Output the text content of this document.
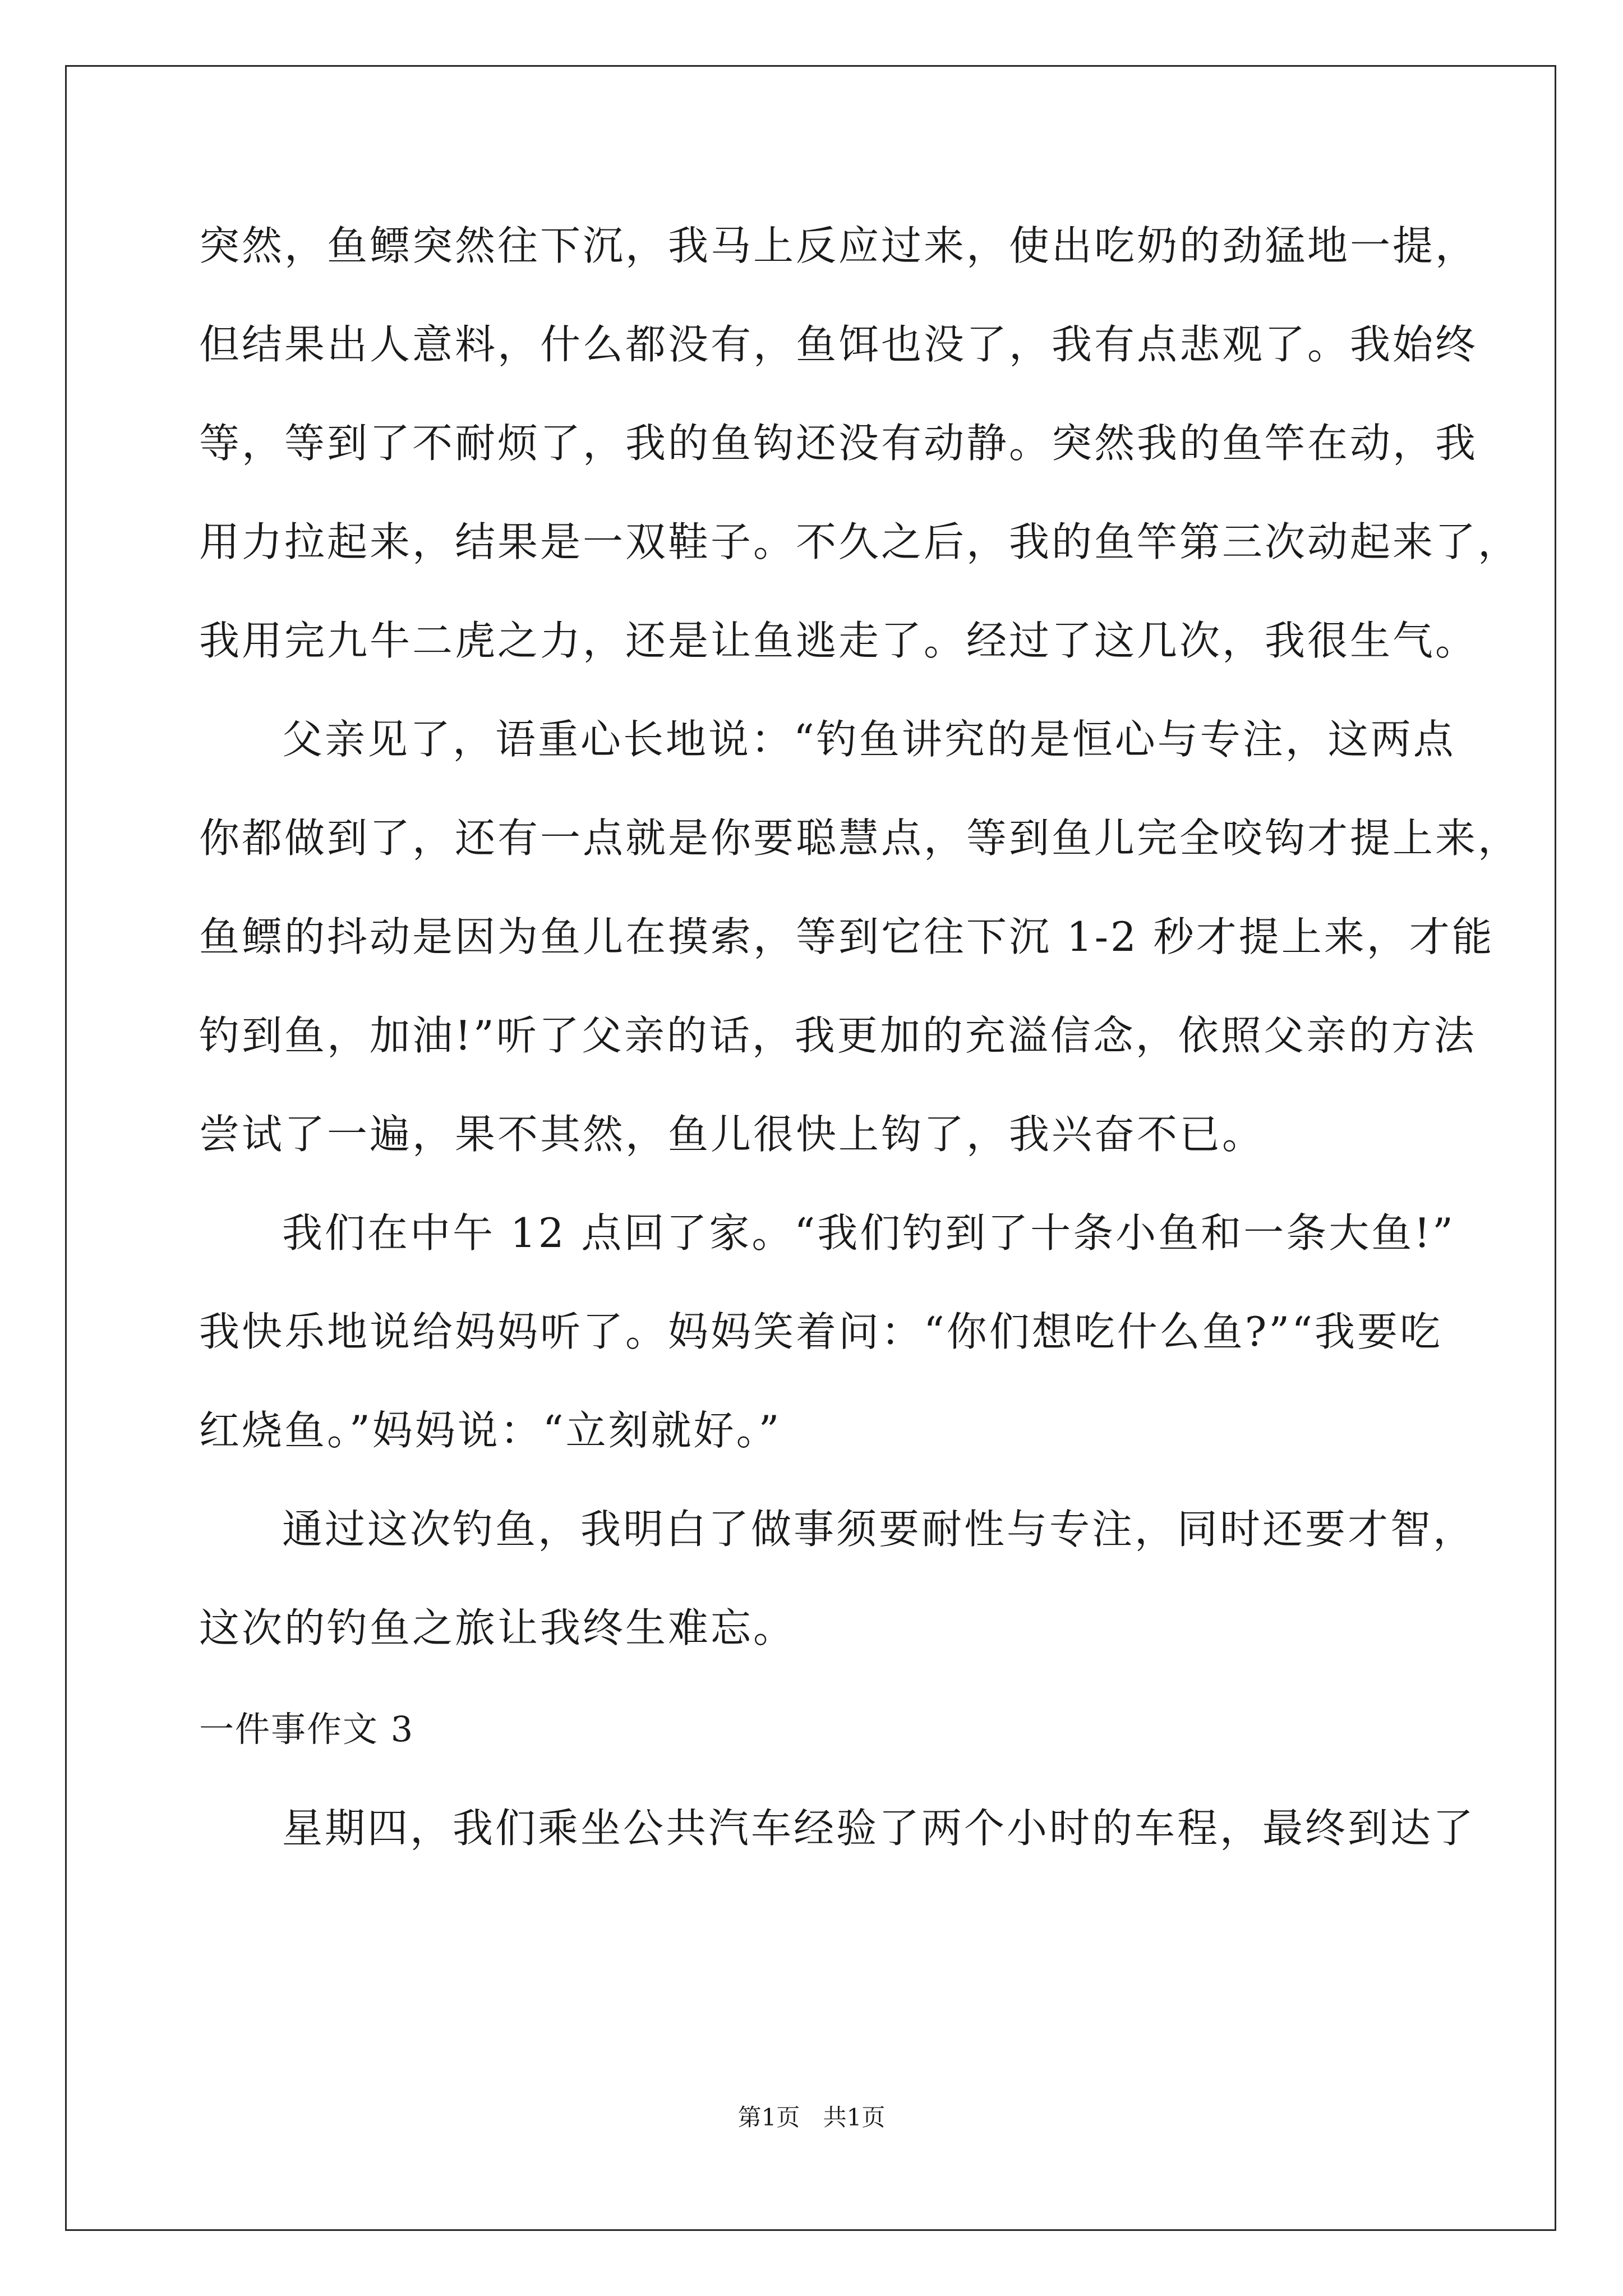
突然，鱼鳔突然往下沉，我马上反应过来，使出吃奶的劲猛地一提，
但结果出人意料，什么都没有，鱼饵也没了，我有点悲观了。我始终
等，等到了不耐烦了，我的鱼钩还没有动静。突然我的鱼竿在动，我
用力拉起来，结果是一双鞋子。不久之后，我的鱼竿第三次动起来了，
我用完九牛二虎之力，还是让鱼逃走了。经过了这几次，我很生气。
父亲见了，语重心长地说：“钓鱼讲究的是恒心与专注，这两点
你都做到了，还有一点就是你要聪慧点，等到鱼儿完全咬钩才提上来，
鱼鳔的抖动是因为鱼儿在摸索，等到它往下沉 1-2 秒才提上来，才能
钓到鱼，加油!”听了父亲的话，我更加的充溢信念，依照父亲的方法
尝试了一遍，果不其然，鱼儿很快上钩了，我兴奋不已。
我们在中午 12 点回了家。“我们钓到了十条小鱼和一条大鱼!”
我快乐地说给妈妈听了。妈妈笑着问：“你们想吃什么鱼?”“我要吃
红烧鱼。”妈妈说：“立刻就好。”
通过这次钓鱼，我明白了做事须要耐性与专注，同时还要才智，
这次的钓鱼之旅让我终生难忘。
一件事作文 3
星期四，我们乘坐公共汽车经验了两个小时的车程，最终到达了
第1页 共1页
